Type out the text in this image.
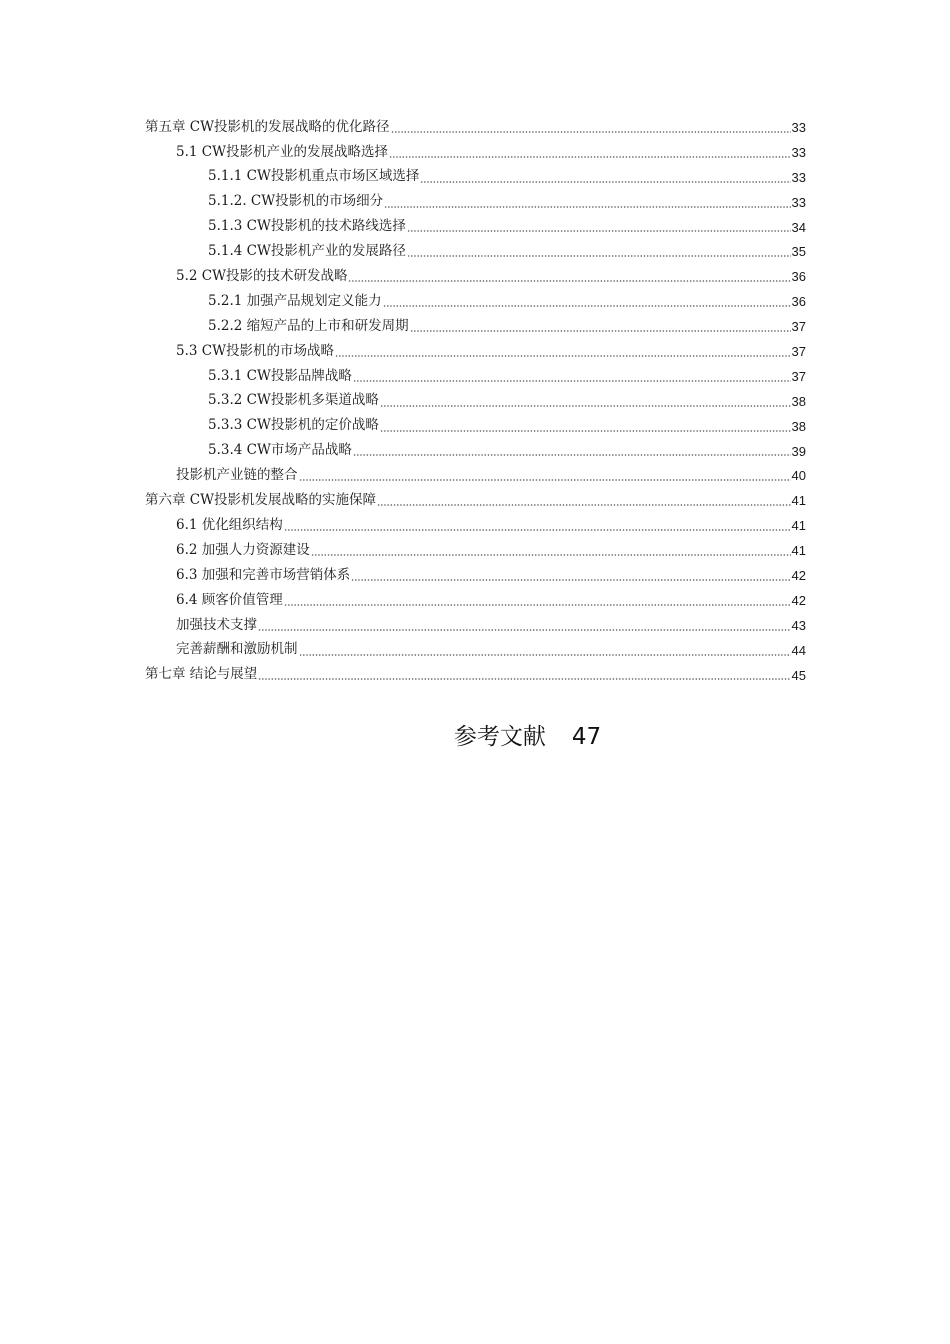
第五章 CW投影机的发展战略的优化路径	33
5.1 CW投影机产业的发展战略选择	33
5.1.1 CW投影机重点市场区域选择	33
5.1.2. CW投影机的市场细分	33
5.1.3 CW投影机的技术路线选择	34
5.1.4 CW投影机产业的发展路径	35
5.2 CW投影的技术研发战略	36
5.2.1 加强产品规划定义能力	36
5.2.2 缩短产品的上市和研发周期	37
5.3 CW投影机的市场战略	37
5.3.1 CW投影品牌战略	37
5.3.2 CW投影机多渠道战略	38
5.3.3 CW投影机的定价战略	38
5.3.4 CW市场产品战略	39
投影机产业链的整合	40
第六章 CW投影机发展战略的实施保障	41
6.1 优化组织结构	41
6.2 加强人力资源建设	41
6.3 加强和完善市场营销体系	42
6.4 顾客价值管理	42
加强技术支撑	43
完善薪酬和激励机制	44
第七章 结论与展望	45
参考文献 47
